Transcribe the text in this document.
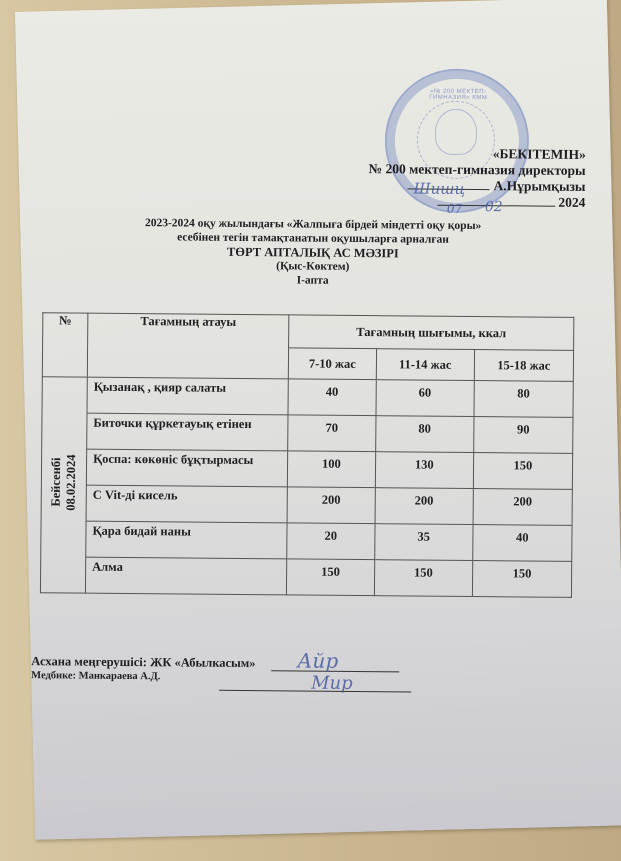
«№ 200 МЕКТЕП-ГИМНАЗИЯ» КММ
«БЕКІТЕМІН»
№ 200 мектеп-гимназия директоры
Шишц А.Нұрымқызы
07 02	2024
2023-2024 оқу жылындағы «Жалпыға бірдей міндетті оқу қоры»
есебінен тегін тамақтанатын оқушыларға арналған
ТӨРТ АПТАЛЫҚ АС МӘЗІРІ
(Қыс-Көктем)
І-апта
№	Тағамның атауы	Тағамның шығымы, ккал		
		7-10 жас	11-14 жас	15-18 жас
Бейсенбі
08.02.2024	Қызанақ , қияр салаты	40	60	80
	Биточки құркетауық етінен	70	80	90
	Қоспа: көкөніс бұқтырмасы	100	130	150
	С Vit-ді кисель	200	200	200
	Қара бидай наны	20	35	40
	Алма	150	150	150
Асхана меңгерушісі: ЖК «Абылкасым»
Медбике: Манкараева А.Д.
Айр
Мир
